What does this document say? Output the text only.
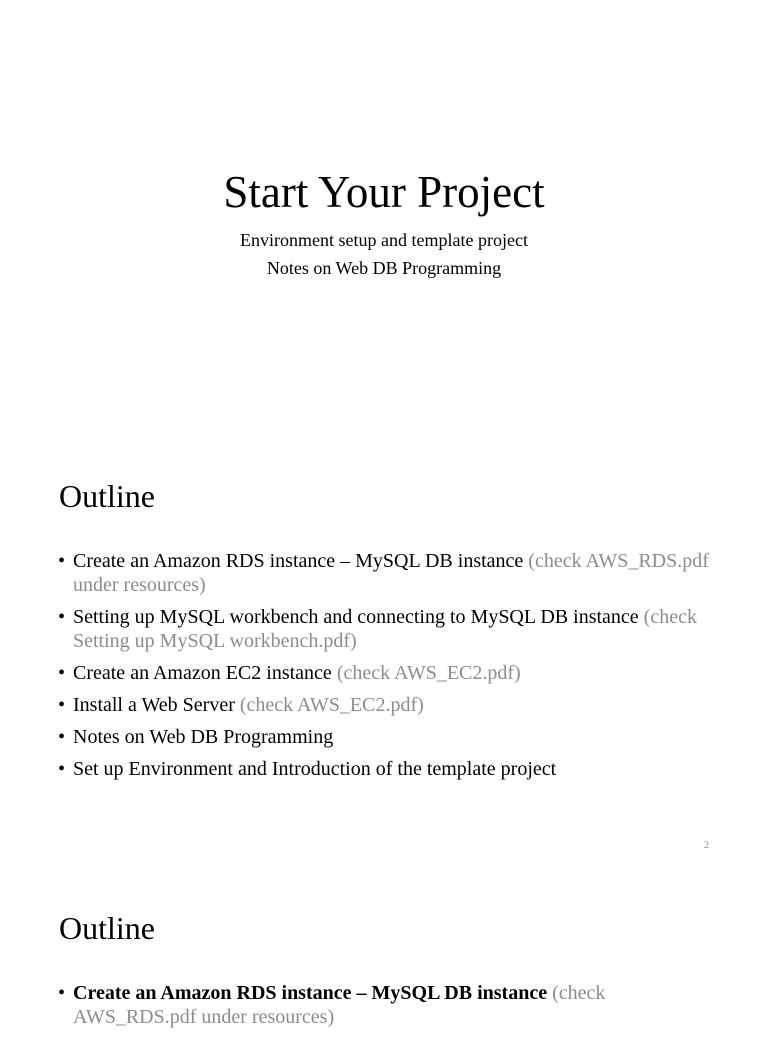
Start Your Project
Environment setup and template project
Notes on Web DB Programming
Outline
• Create an Amazon RDS instance – MySQL DB instance (check AWS_RDS.pdf under resources)
• Setting up MySQL workbench and connecting to MySQL DB instance (check Setting up MySQL workbench.pdf)
• Create an Amazon EC2 instance (check AWS_EC2.pdf)
• Install a Web Server (check AWS_EC2.pdf)
• Notes on Web DB Programming
• Set up Environment and Introduction of the template project
2
Outline
• Create an Amazon RDS instance – MySQL DB instance (check AWS_RDS.pdf under resources)
